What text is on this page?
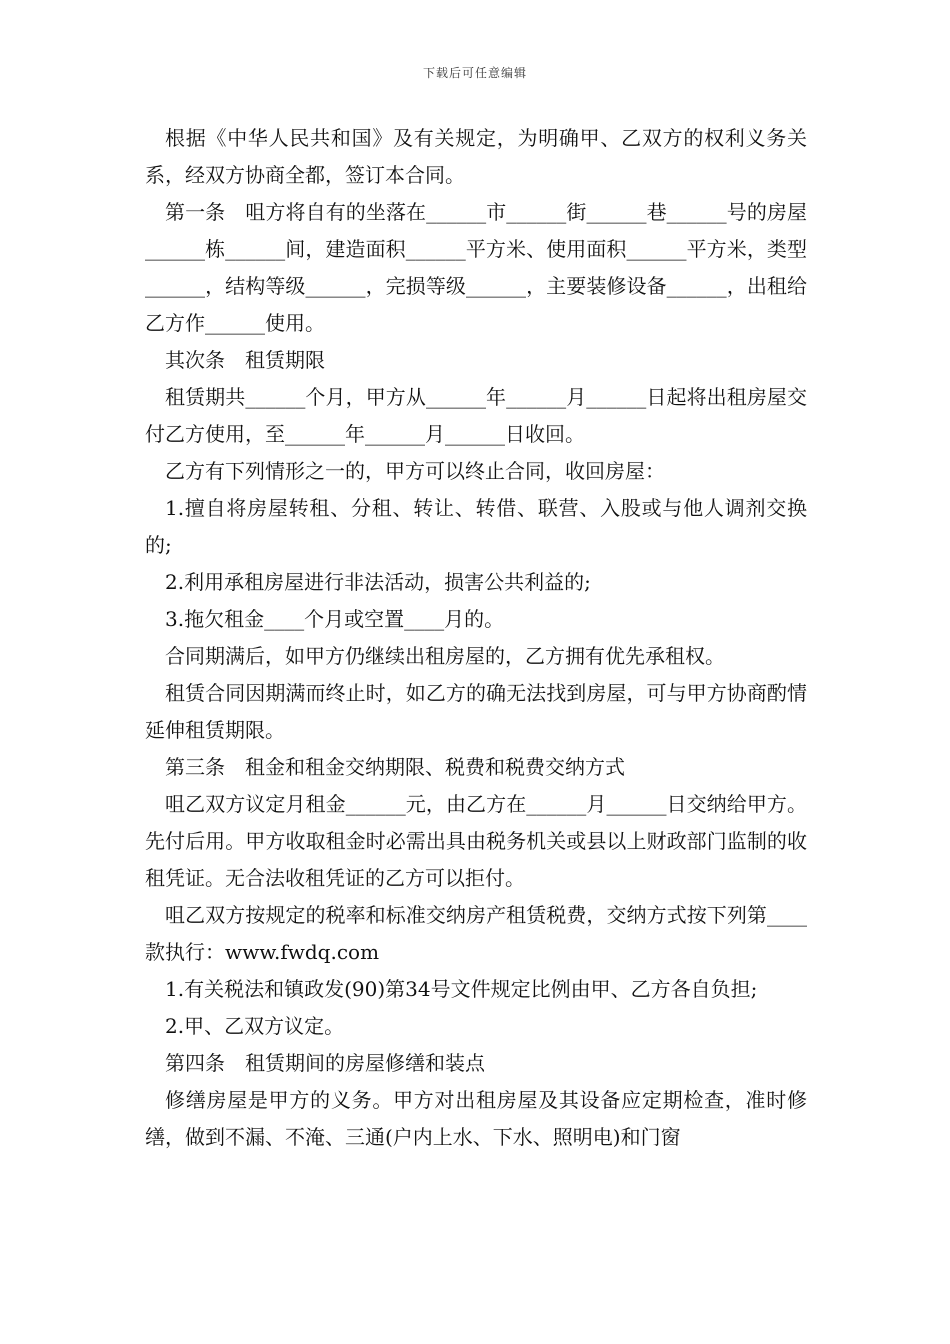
下载后可任意编辑

根据《中华人民共和国》及有关规定，为明确甲、乙双方的权利义务关系，经双方协商全都，签订本合同。

第一条　咀方将自有的坐落在______市______街______巷______号的房屋______栋______间，建造面积______平方米、使用面积______平方米，类型______，结构等级______，完损等级______，主要装修设备______，出租给乙方作______使用。

其次条　租赁期限

租赁期共______个月，甲方从______年______月______日起将出租房屋交付乙方使用，至______年______月______日收回。

乙方有下列情形之一的，甲方可以终止合同，收回房屋：

1.擅自将房屋转租、分租、转让、转借、联营、入股或与他人调剂交换的;

2.利用承租房屋进行非法活动，损害公共利益的;

3.拖欠租金____个月或空置____月的。

合同期满后，如甲方仍继续出租房屋的，乙方拥有优先承租权。

租赁合同因期满而终止时，如乙方的确无法找到房屋，可与甲方协商酌情延伸租赁期限。

第三条　租金和租金交纳期限、税费和税费交纳方式

咀乙双方议定月租金______元，由乙方在______月______日交纳给甲方。先付后用。甲方收取租金时必需出具由税务机关或县以上财政部门监制的收租凭证。无合法收租凭证的乙方可以拒付。

咀乙双方按规定的税率和标准交纳房产租赁税费，交纳方式按下列第____款执行：www.fwdq.com

1.有关税法和镇政发(90)第34号文件规定比例由甲、乙方各自负担;

2.甲、乙双方议定。

第四条　租赁期间的房屋修缮和装点

修缮房屋是甲方的义务。甲方对出租房屋及其设备应定期检查，准时修缮，做到不漏、不淹、三通(户内上水、下水、照明电)和门窗
